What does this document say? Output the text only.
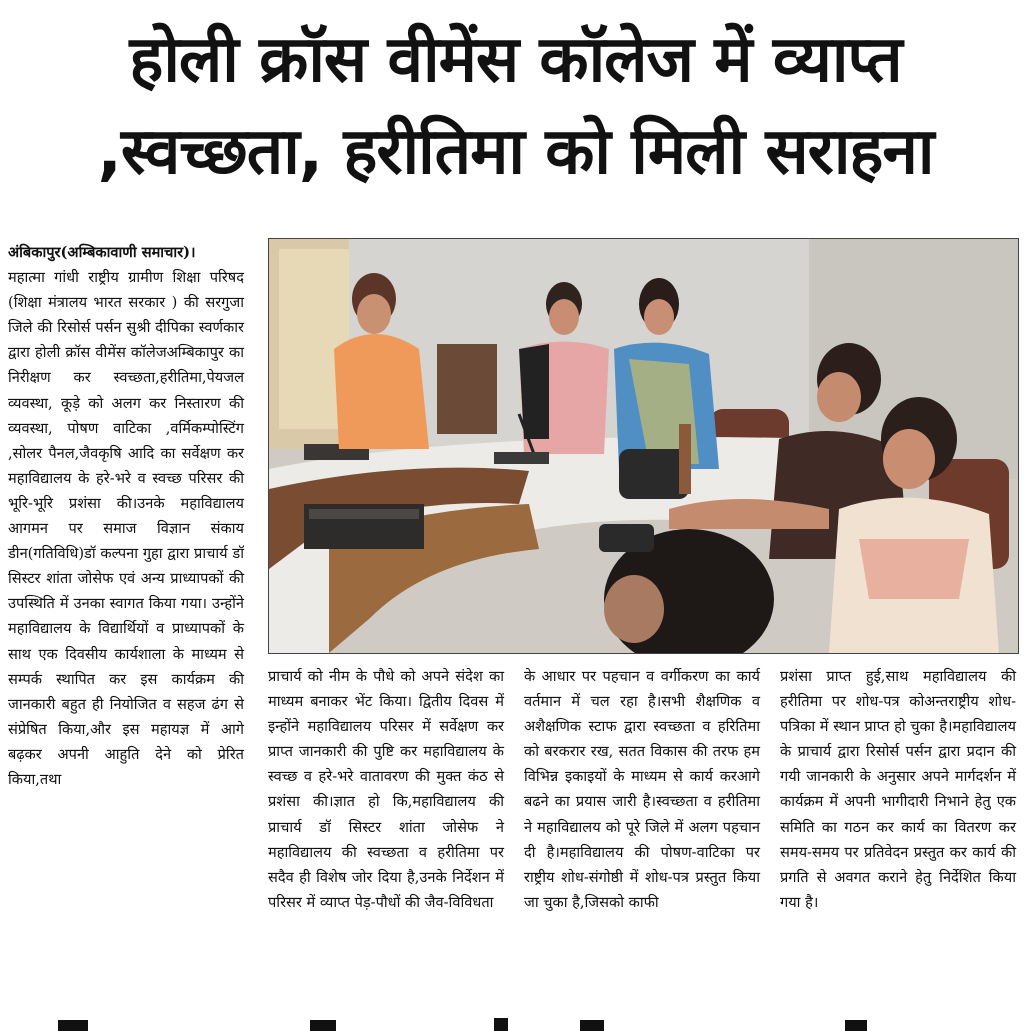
होली क्रॉस वीमेंस कॉलेज में व्याप्त
,स्वच्छता, हरीतिमा को मिली सराहना

अंबिकापुर(अम्बिकावाणी समाचार)।

महात्मा गांधी राष्ट्रीय ग्रामीण शिक्षा परिषद (शिक्षा मंत्रालय भारत सरकार ) की सरगुजा जिले की रिसोर्स पर्सन सुश्री दीपिका स्वर्णकार द्वारा होली क्रॉस वीमेंस कॉलेजअम्बिकापुर का निरीक्षण कर स्वच्छता,हरीतिमा,पेयजल व्यवस्था, कूड़े को अलग कर निस्तारण की व्यवस्था, पोषण वाटिका ,वर्मिकम्पोस्टिंग ,सोलर पैनल,जैवकृषि आदि का सर्वेक्षण कर महाविद्यालय के हरे-भरे व स्वच्छ परिसर की भूरि-भूरि प्रशंसा की।उनके महाविद्यालय आगमन पर समाज विज्ञान संकाय डीन(गतिविधि)डॉ कल्पना गुहा द्वारा प्राचार्य डॉ सिस्टर शांता जोसेफ एवं अन्य प्राध्यापकों की उपस्थिति में उनका स्वागत किया गया। उन्होंने महाविद्यालय के विद्यार्थियों व प्राध्यापकों के साथ एक दिवसीय कार्यशाला के माध्यम से सम्पर्क स्थापित कर इस कार्यक्रम की जानकारी बहुत ही नियोजित व सहज ढंग से संप्रेषित किया,और इस महायज्ञ में आगे बढ़कर अपनी आहुति देने को प्रेरित किया,तथा

प्राचार्य को नीम के पौधे को अपने संदेश का माध्यम बनाकर भेंट किया। द्वितीय दिवस में इन्होंने महाविद्यालय परिसर में सर्वेक्षण कर प्राप्त जानकारी की पुष्टि कर महाविद्यालय के स्वच्छ व हरे-भरे वातावरण की मुक्त कंठ से प्रशंसा की।ज्ञात हो कि,महाविद्यालय की प्राचार्य डॉ सिस्टर शांता जोसेफ ने महाविद्यालय की स्वच्छता व हरीतिमा पर सदैव ही विशेष जोर दिया है,उनके निर्देशन में परिसर में व्याप्त पेड़-पौधों की जैव-विविधता

के आधार पर पहचान व वर्गीकरण का कार्य वर्तमान में चल रहा है।सभी शैक्षणिक व अशैक्षणिक स्टाफ द्वारा स्वच्छता व हरितिमा को बरकरार रख, सतत विकास की तरफ हम विभिन्न इकाइयों के माध्यम से कार्य करआगे बढने का प्रयास जारी है।स्वच्छता व हरीतिमा ने महाविद्यालय को पूरे जिले में अलग पहचान दी है।महाविद्यालय की पोषण-वाटिका पर राष्ट्रीय शोध-संगोष्ठी में शोध-पत्र प्रस्तुत किया जा चुका है,जिसको काफी

प्रशंसा प्राप्त हुई,साथ महाविद्यालय की हरीतिमा पर शोध-पत्र कोअन्तराष्ट्रीय शोध-पत्रिका में स्थान प्राप्त हो चुका है।महाविद्यालय के प्राचार्य द्वारा रिसोर्स पर्सन द्वारा प्रदान की गयी जानकारी के अनुसार अपने मार्गदर्शन में कार्यक्रम में अपनी भागीदारी निभाने हेतु एक समिति का गठन कर कार्य का वितरण कर समय-समय पर प्रतिवेदन प्रस्तुत कर कार्य की प्रगति से अवगत कराने हेतु निर्देशित किया गया है।
